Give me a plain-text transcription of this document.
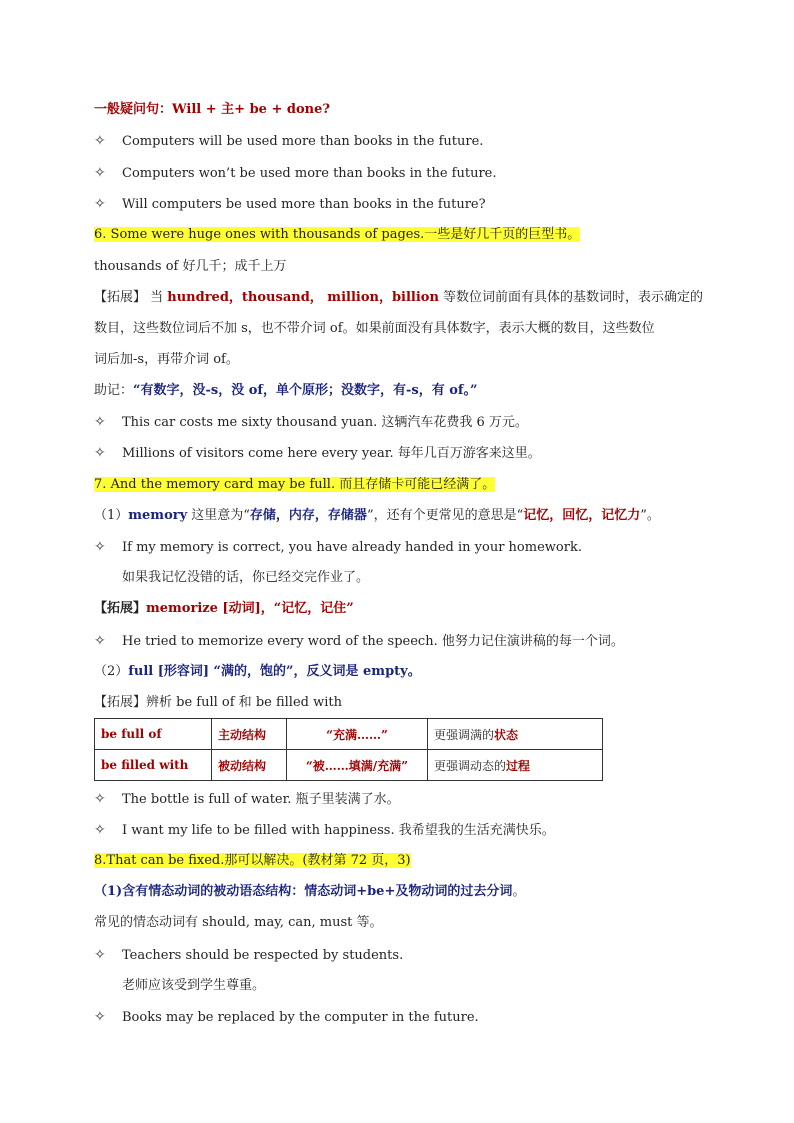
一般疑问句：Will + 主+ be + done?
✧ Computers will be used more than books in the future.
✧ Computers won’t be used more than books in the future.
✧ Will computers be used more than books in the future?
6. Some were huge ones with thousands of pages.一些是好几千页的巨型书。
thousands of 好几千；成千上万
【拓展】 当 hundred，thousand， million，billion 等数位词前面有具体的基数词时，表示确定的
数目，这些数位词后不加 s，也不带介词 of。如果前面没有具体数字，表示大概的数目，这些数位
词后加-s，再带介词 of。
助记：“有数字，没-s，没 of，单个原形；没数字，有-s，有 of。”
✧ This car costs me sixty thousand yuan. 这辆汽车花费我 6 万元。
✧ Millions of visitors come here every year. 每年几百万游客来这里。
7. And the memory card may be full. 而且存储卡可能已经满了。
（1）memory 这里意为“存储，内存，存储器”，还有个更常见的意思是“记忆，回忆，记忆力”。
✧ If my memory is correct, you have already handed in your homework.
如果我记忆没错的话，你已经交完作业了。
【拓展】memorize [动词]，“记忆，记住”
✧ He tried to memorize every word of the speech. 他努力记住演讲稿的每一个词。
（2）full [形容词] “满的，饱的”，反义词是 empty。
【拓展】辨析 be full of 和 be filled with
be full of	主动结构	“充满……”	更强调满的状态
be filled with	被动结构	“被……填满/充满”	更强调动态的过程
✧ The bottle is full of water. 瓶子里装满了水。
✧ I want my life to be filled with happiness. 我希望我的生活充满快乐。
8.That can be fixed.那可以解决。(教材第 72 页，3)
（1)含有情态动词的被动语态结构：情态动词+be+及物动词的过去分词。
常见的情态动词有 should, may, can, must 等。
✧ Teachers should be respected by students.
老师应该受到学生尊重。
✧ Books may be replaced by the computer in the future.
